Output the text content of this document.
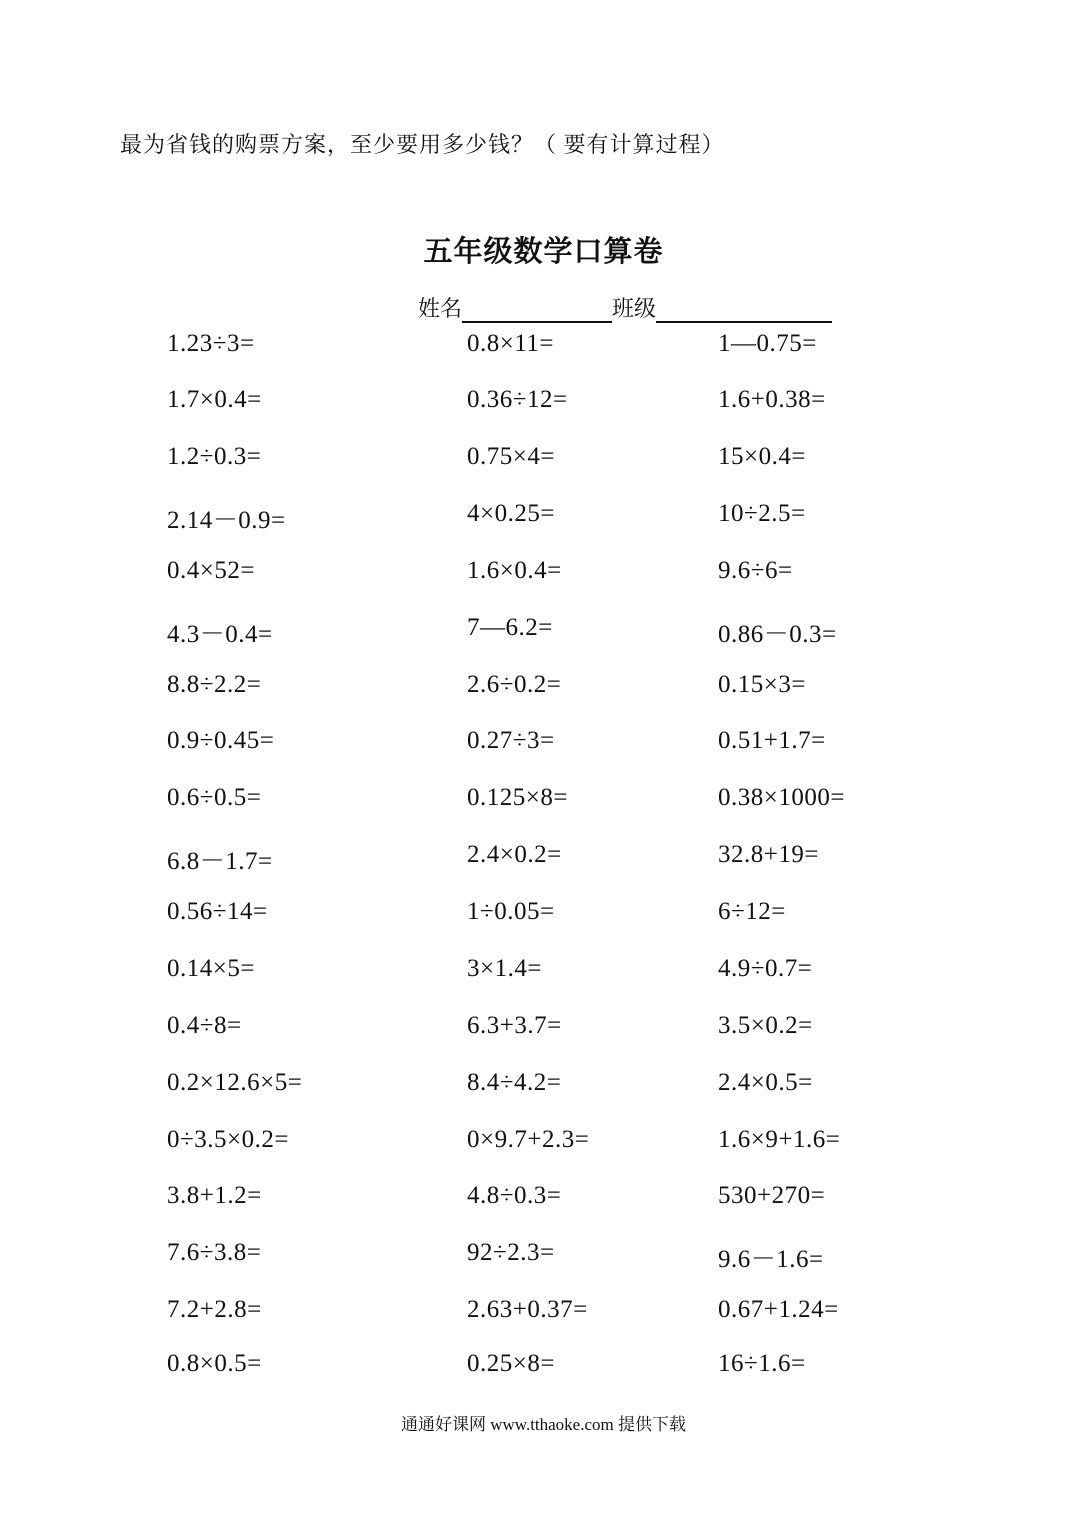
最为省钱的购票方案，至少要用多少钱？（ 要有计算过程）
五年级数学口算卷
姓名	班级
1.23÷3=	0.8×11=	1—0.75=
1.7×0.4=	0.36÷12=	1.6+0.38=
1.2÷0.3=	0.75×4=	15×0.4=
2.14－0.9=	4×0.25=	10÷2.5=
0.4×52=	1.6×0.4=	9.6÷6=
4.3－0.4=	7—6.2=	0.86－0.3=
8.8÷2.2=	2.6÷0.2=	0.15×3=
0.9÷0.45=	0.27÷3=	0.51+1.7=
0.6÷0.5=	0.125×8=	0.38×1000=
6.8－1.7=	2.4×0.2=	32.8+19=
0.56÷14=	1÷0.05=	6÷12=
0.14×5=	3×1.4=	4.9÷0.7=
0.4÷8=	6.3+3.7=	3.5×0.2=
0.2×12.6×5=	8.4÷4.2=	2.4×0.5=
0÷3.5×0.2=	0×9.7+2.3=	1.6×9+1.6=
3.8+1.2=	4.8÷0.3=	530+270=
7.6÷3.8=	92÷2.3=	9.6－1.6=
7.2+2.8=	2.63+0.37=	0.67+1.24=
0.8×0.5=	0.25×8=	16÷1.6=
通通好课网 www.tthaoke.com 提供下载
